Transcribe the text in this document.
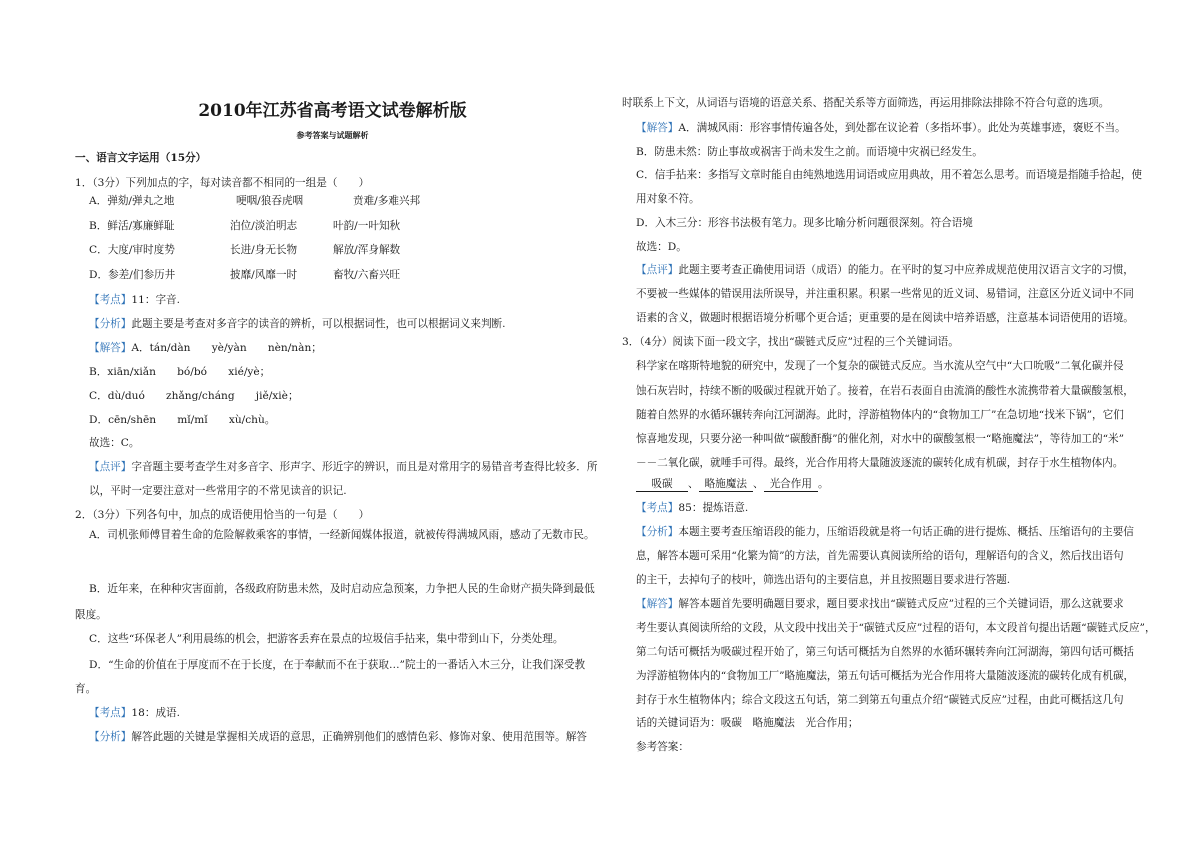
2010年江苏省高考语文试卷解析版
参考答案与试题解析
一、语言文字运用（15分）
1．（3分）下列加点的字，每对读音都不相同的一组是（　　）
A．弹劾/弹丸之地	哽咽/狼吞虎咽	贲难/多难兴邦
B．鲜活/寡廉鲜耻	泊位/淡泊明志	叶韵/一叶知秋
C．大度/审时度势	长进/身无长物	解放/浑身解数
D．参差/们参历井	披靡/风靡一时	畜牧/六畜兴旺
【考点】11：字音.
【分析】此题主要是考查对多音字的读音的辨析，可以根据词性，也可以根据词义来判断.
【解答】A．tán/dàn　　yè/yàn　　nèn/nàn；
B．xiān/xiǎn　　bó/bó　　xié/yè；
C．dù/duó　　zhǎng/cháng　　jiě/xiè；
D．cēn/shēn　　mǐ/mǐ　　xù/chù。
故选：C。
【点评】字音题主要考查学生对多音字、形声字、形近字的辨识，而且是对常用字的易错音考查得比较多．所
以，平时一定要注意对一些常用字的不常见读音的识记.
2．（3分）下列各句中，加点的成语使用恰当的一句是（　　）
A．司机张师傅冒着生命的危险解救乘客的事情，一经新闻媒体报道，就被传得满城风雨，感动了无数市民。
B．近年来，在种种灾害面前，各级政府防患未然，及时启动应急预案，力争把人民的生命财产损失降到最低
限度。
C．这些“环保老人”利用晨练的机会，把游客丢弃在景点的垃圾信手拈来，集中带到山下，分类处理。
D．“生命的价值在于厚度而不在于长度，在于奉献而不在于获取…”院士的一番话入木三分，让我们深受教
育。
【考点】18：成语.
【分析】解答此题的关键是掌握相关成语的意思，正确辨别他们的感情色彩、修饰对象、使用范围等。解答
时联系上下文，从词语与语境的语意关系、搭配关系等方面筛选，再运用排除法排除不符合句意的选项。
【解答】A．满城风雨：形容事情传遍各处，到处都在议论着（多指坏事）。此处为英雄事迹，褒贬不当。
B．防患未然：防止事故或祸害于尚未发生之前。而语境中灾祸已经发生。
C．信手拈来：多指写文章时能自由纯熟地选用词语或应用典故，用不着怎么思考。而语境是指随手拾起，使
用对象不符。
D．入木三分：形容书法极有笔力。现多比喻分析问题很深刻。符合语境
故选：D。
【点评】此题主要考查正确使用词语（成语）的能力。在平时的复习中应养成规范使用汉语言文字的习惯，
不要被一些媒体的错误用法所误导，并注重积累。积累一些常见的近义词、易错词，注意区分近义词中不同
语素的含义，做题时根据语境分析哪个更合适；更重要的是在阅读中培养语感，注意基本词语使用的语境。
3．（4分）阅读下面一段文字，找出“碳链式反应”过程的三个关键词语。
科学家在喀斯特地貌的研究中，发现了一个复杂的碳链式反应。当水流从空气中“大口吮吸”二氧化碳并侵
蚀石灰岩时，持续不断的吸碳过程就开始了。接着，在岩石表面自由流淌的酸性水流携带着大量碳酸氢根，
随着自然界的水循环辗转奔向江河湖海。此时，浮游植物体内的“食物加工厂”在急切地“找米下锅”，它们
惊喜地发现，只要分泌一种叫做“碳酸酐酶”的催化剂，对水中的碳酸氢根一“略施魔法”，等待加工的“米”
－－二氧化碳，就唾手可得。最终，光合作用将大量随波逐流的碳转化成有机碳，封存于水生植物体内。
吸碳 、 略施魔法 、 光合作用 。
【考点】85：提炼语意.
【分析】本题主要考查压缩语段的能力，压缩语段就是将一句话正确的进行提炼、概括、压缩语句的主要信
息，解答本题可采用“化繁为简”的方法，首先需要认真阅读所给的语句，理解语句的含义，然后找出语句
的主干，去掉句子的枝叶，筛选出语句的主要信息，并且按照题目要求进行答题.
【解答】解答本题首先要明确题目要求，题目要求找出“碳链式反应”过程的三个关键词语，那么这就要求
考生要认真阅读所给的文段，从文段中找出关于“碳链式反应”过程的语句，本文段首句提出话题“碳链式反应”，
第二句话可概括为吸碳过程开始了，第三句话可概括为自然界的水循环辗转奔向江河湖海，第四句话可概括
为浮游植物体内的“食物加工厂”略施魔法，第五句话可概括为光合作用将大量随波逐流的碳转化成有机碳，
封存于水生植物体内；综合文段这五句话，第二到第五句重点介绍“碳链式反应”过程，由此可概括这几句
话的关键词语为：吸碳　略施魔法　光合作用；
参考答案：
